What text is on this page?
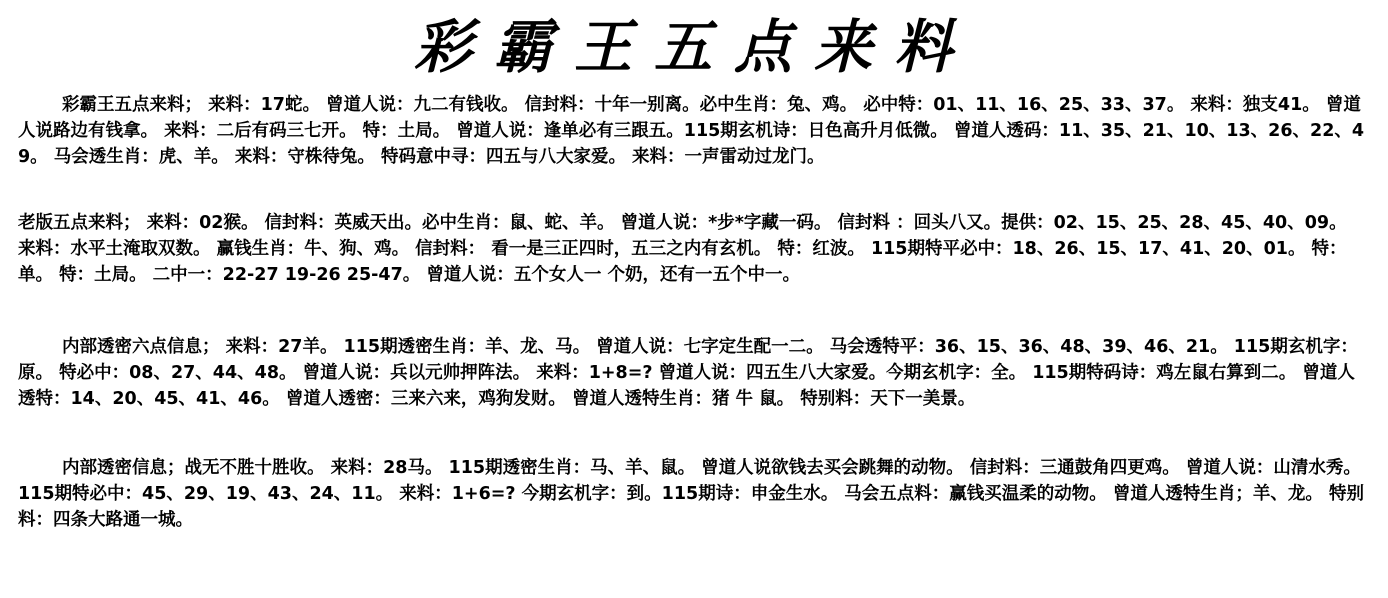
彩霸王五点来料
彩霸王五点来料； 来料：17蛇。 曾道人说：九二有钱收。 信封料：十年一别离。必中生肖：兔、鸡。 必中特：01、11、16、25、33、37。 来料：独支41。 曾道人说路边有钱拿。 来料：二后有码三七开。 特：土局。 曾道人说：逢单必有三跟五。115期玄机诗：日色高升月低微。 曾道人透码：11、35、21、10、13、26、22、49。 马会透生肖：虎、羊。 来料：守株待兔。 特码意中寻：四五与八大家爱。 来料：一声雷动过龙门。
老版五点来料； 来料：02猴。 信封料：英威天出。必中生肖：鼠、蛇、羊。 曾道人说：*步*字藏一码。 信封料 ：回头八又。提供：02、15、25、28、45、40、09。 来料：水平土淹取双数。 赢钱生肖：牛、狗、鸡。 信封料： 看一是三正四时，五三之内有玄机。 特：红波。 115期特平必中：18、26、15、17、41、20、01。 特：单。 特：土局。 二中一：22-27 19-26 25-47。 曾道人说：五个女人一 个奶，还有一五个中一。
内部透密六点信息； 来料：27羊。 115期透密生肖：羊、龙、马。 曾道人说：七字定生配一二。 马会透特平：36、15、36、48、39、46、21。 115期玄机字：原。 特必中：08、27、44、48。 曾道人说：兵以元帅押阵法。 来料：1+8=? 曾道人说：四五生八大家爱。今期玄机字：全。 115期特码诗：鸡左鼠右算到二。 曾道人透特：14、20、45、41、46。 曾道人透密：三来六来，鸡狗发财。 曾道人透特生肖：猪 牛 鼠。 特别料：天下一美景。
内部透密信息；战无不胜十胜收。 来料：28马。 115期透密生肖：马、羊、鼠。 曾道人说欲钱去买会跳舞的动物。 信封料：三通鼓角四更鸡。 曾道人说：山清水秀。 115期特必中：45、29、19、43、24、11。 来料：1+6=? 今期玄机字：到。115期诗：申金生水。 马会五点料：赢钱买温柔的动物。 曾道人透特生肖；羊、龙。 特别料：四条大路通一城。
